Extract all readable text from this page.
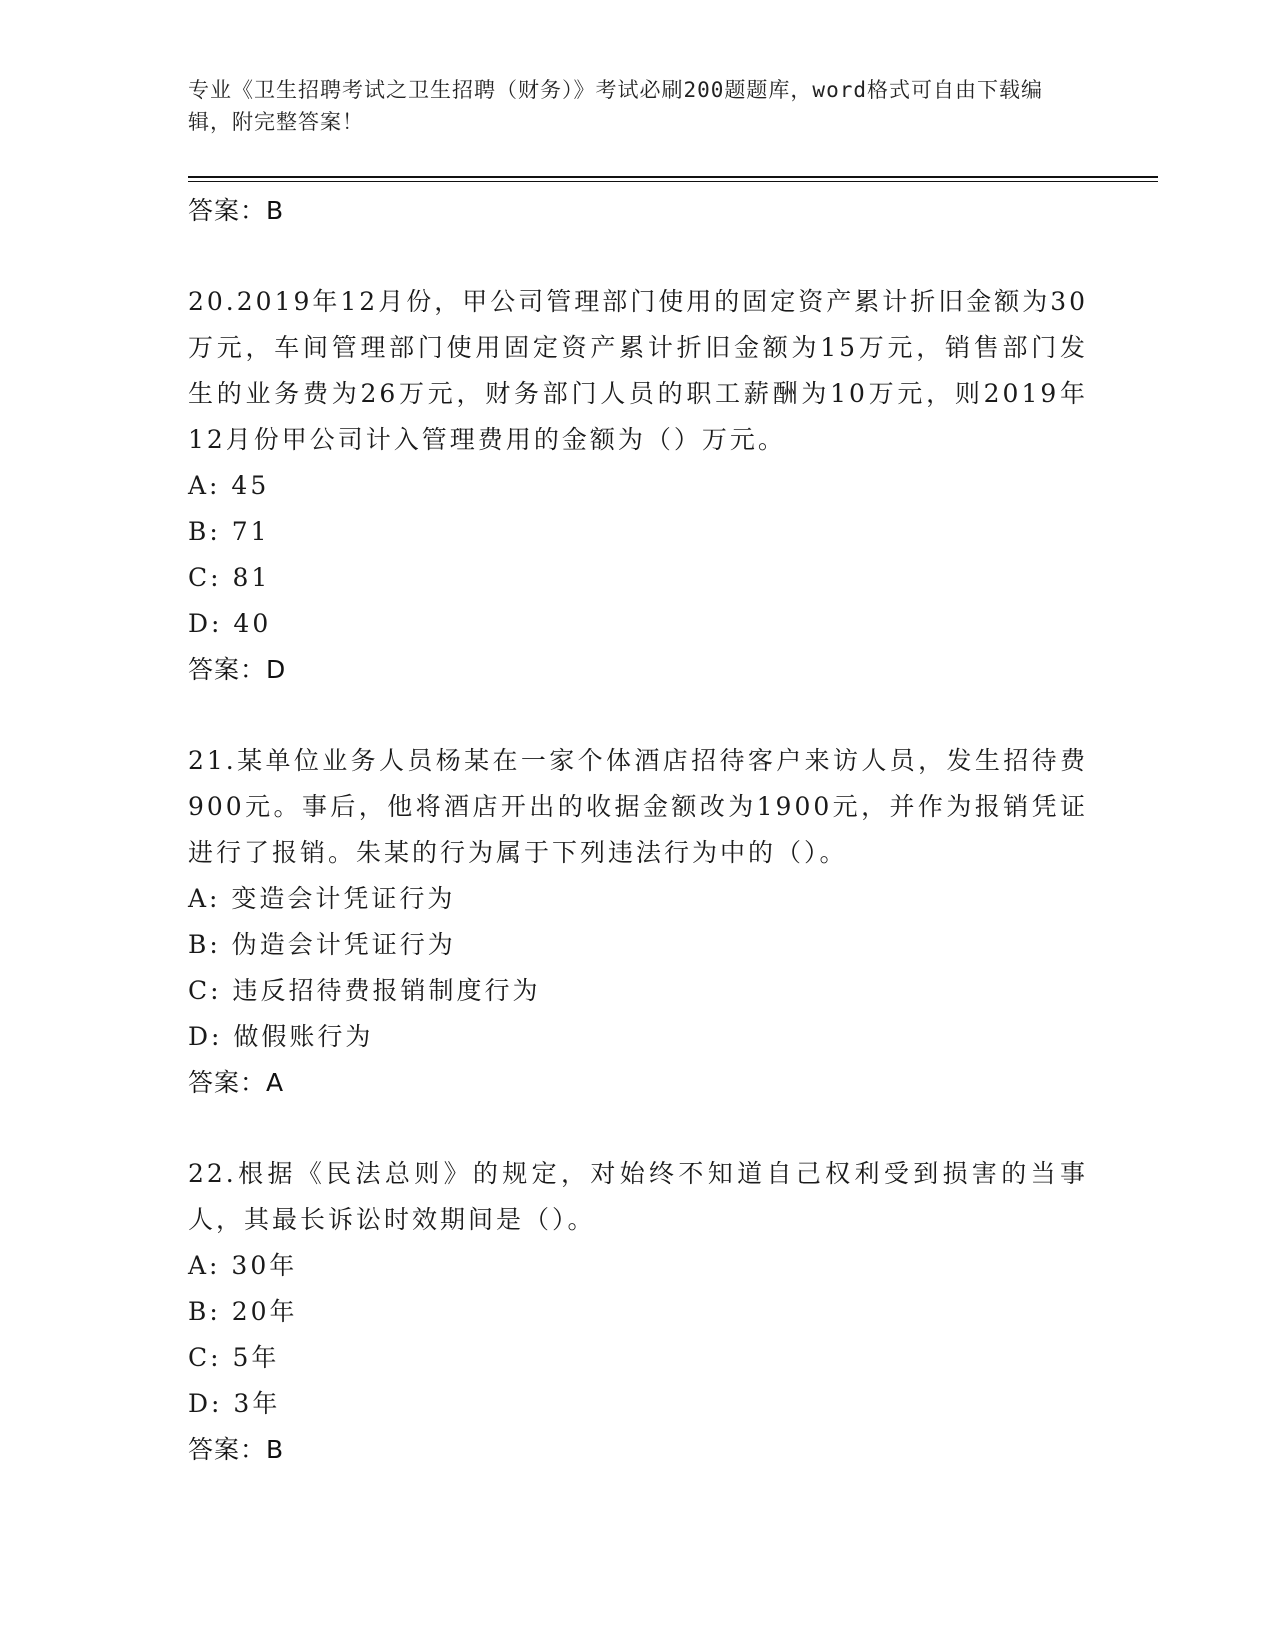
专业《卫生招聘考试之卫生招聘（财务）》考试必刷200题题库，word格式可自由下载编辑，附完整答案！
答案：B
20.2019年12月份，甲公司管理部门使用的固定资产累计折旧金额为30万元，车间管理部门使用固定资产累计折旧金额为15万元，销售部门发生的业务费为26万元，财务部门人员的职工薪酬为10万元，则2019年12月份甲公司计入管理费用的金额为（）万元。
A: 45
B: 71
C: 81
D: 40
答案：D
21.某单位业务人员杨某在一家个体酒店招待客户来访人员，发生招待费900元。事后，他将酒店开出的收据金额改为1900元，并作为报销凭证进行了报销。朱某的行为属于下列违法行为中的（）。
A: 变造会计凭证行为
B: 伪造会计凭证行为
C: 违反招待费报销制度行为
D: 做假账行为
答案：A
22.根据《民法总则》的规定，对始终不知道自己权利受到损害的当事人，其最长诉讼时效期间是（）。
A: 30年
B: 20年
C: 5年
D: 3年
答案：B
